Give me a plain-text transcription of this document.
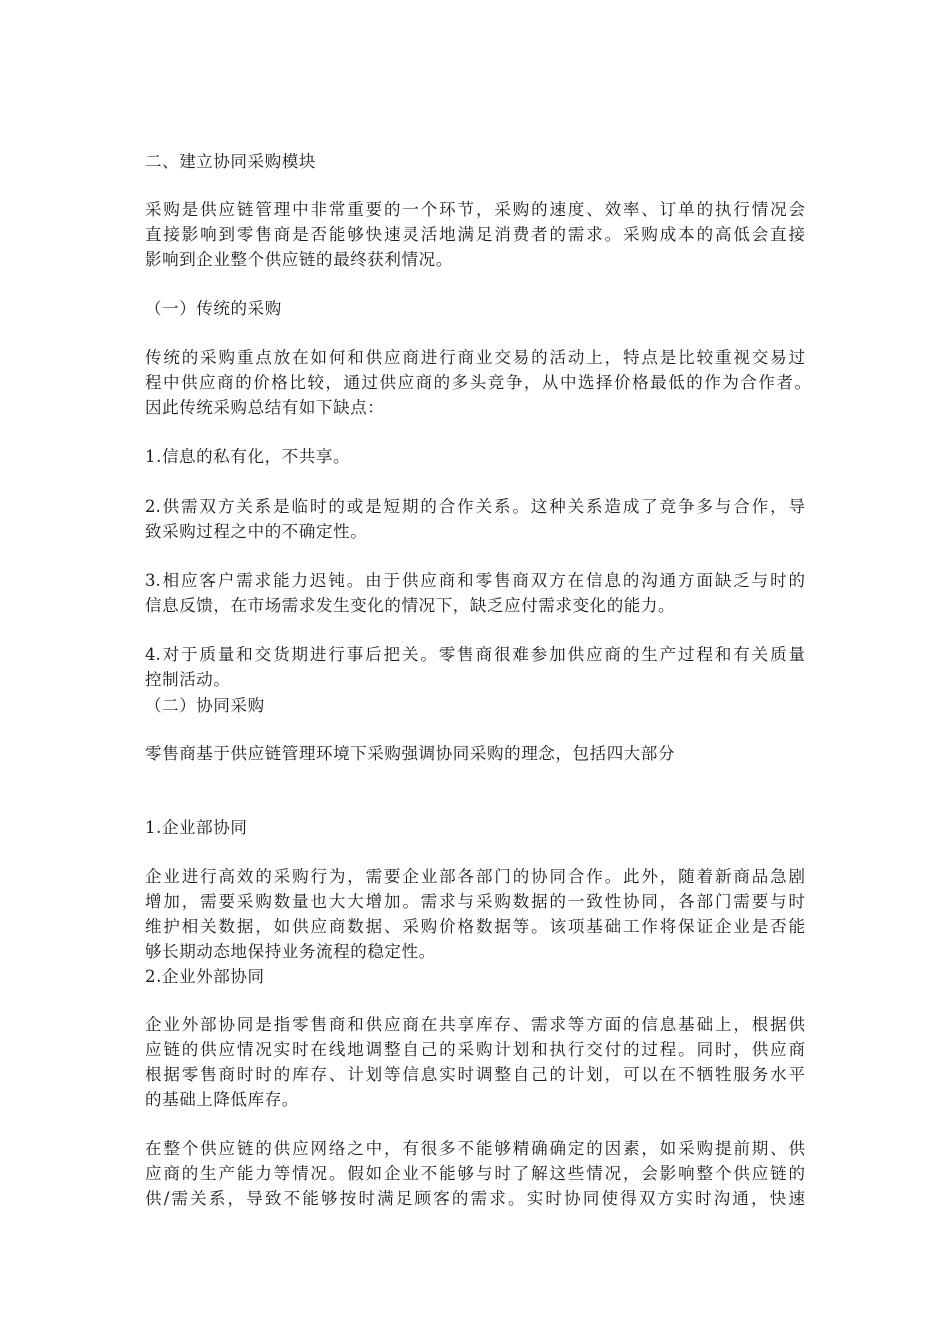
二、建立协同采购模块

采购是供应链管理中非常重要的一个环节，采购的速度、效率、订单的执行情况会

直接影响到零售商是否能够快速灵活地满足消费者的需求。采购成本的高低会直接

影响到企业整个供应链的最终获利情况。

（一）传统的采购

传统的采购重点放在如何和供应商进行商业交易的活动上，特点是比较重视交易过

程中供应商的价格比较，通过供应商的多头竞争，从中选择价格最低的作为合作者。

因此传统采购总结有如下缺点：

1.信息的私有化，不共享。

2.供需双方关系是临时的或是短期的合作关系。这种关系造成了竞争多与合作，导

致采购过程之中的不确定性。

3.相应客户需求能力迟钝。由于供应商和零售商双方在信息的沟通方面缺乏与时的

信息反馈，在市场需求发生变化的情况下，缺乏应付需求变化的能力。

4.对于质量和交货期进行事后把关。零售商很难参加供应商的生产过程和有关质量

控制活动。

（二）协同采购

零售商基于供应链管理环境下采购强调协同采购的理念，包括四大部分

1.企业部协同

企业进行高效的采购行为，需要企业部各部门的协同合作。此外，随着新商品急剧

增加，需要采购数量也大大增加。需求与采购数据的一致性协同，各部门需要与时

维护相关数据，如供应商数据、采购价格数据等。该项基础工作将保证企业是否能

够长期动态地保持业务流程的稳定性。

2.企业外部协同

企业外部协同是指零售商和供应商在共享库存、需求等方面的信息基础上，根据供

应链的供应情况实时在线地调整自己的采购计划和执行交付的过程。同时，供应商

根据零售商时时的库存、计划等信息实时调整自己的计划，可以在不牺牲服务水平

的基础上降低库存。

在整个供应链的供应网络之中，有很多不能够精确确定的因素，如采购提前期、供

应商的生产能力等情况。假如企业不能够与时了解这些情况，会影响整个供应链的

供/需关系，导致不能够按时满足顾客的需求。实时协同使得双方实时沟通，快速
